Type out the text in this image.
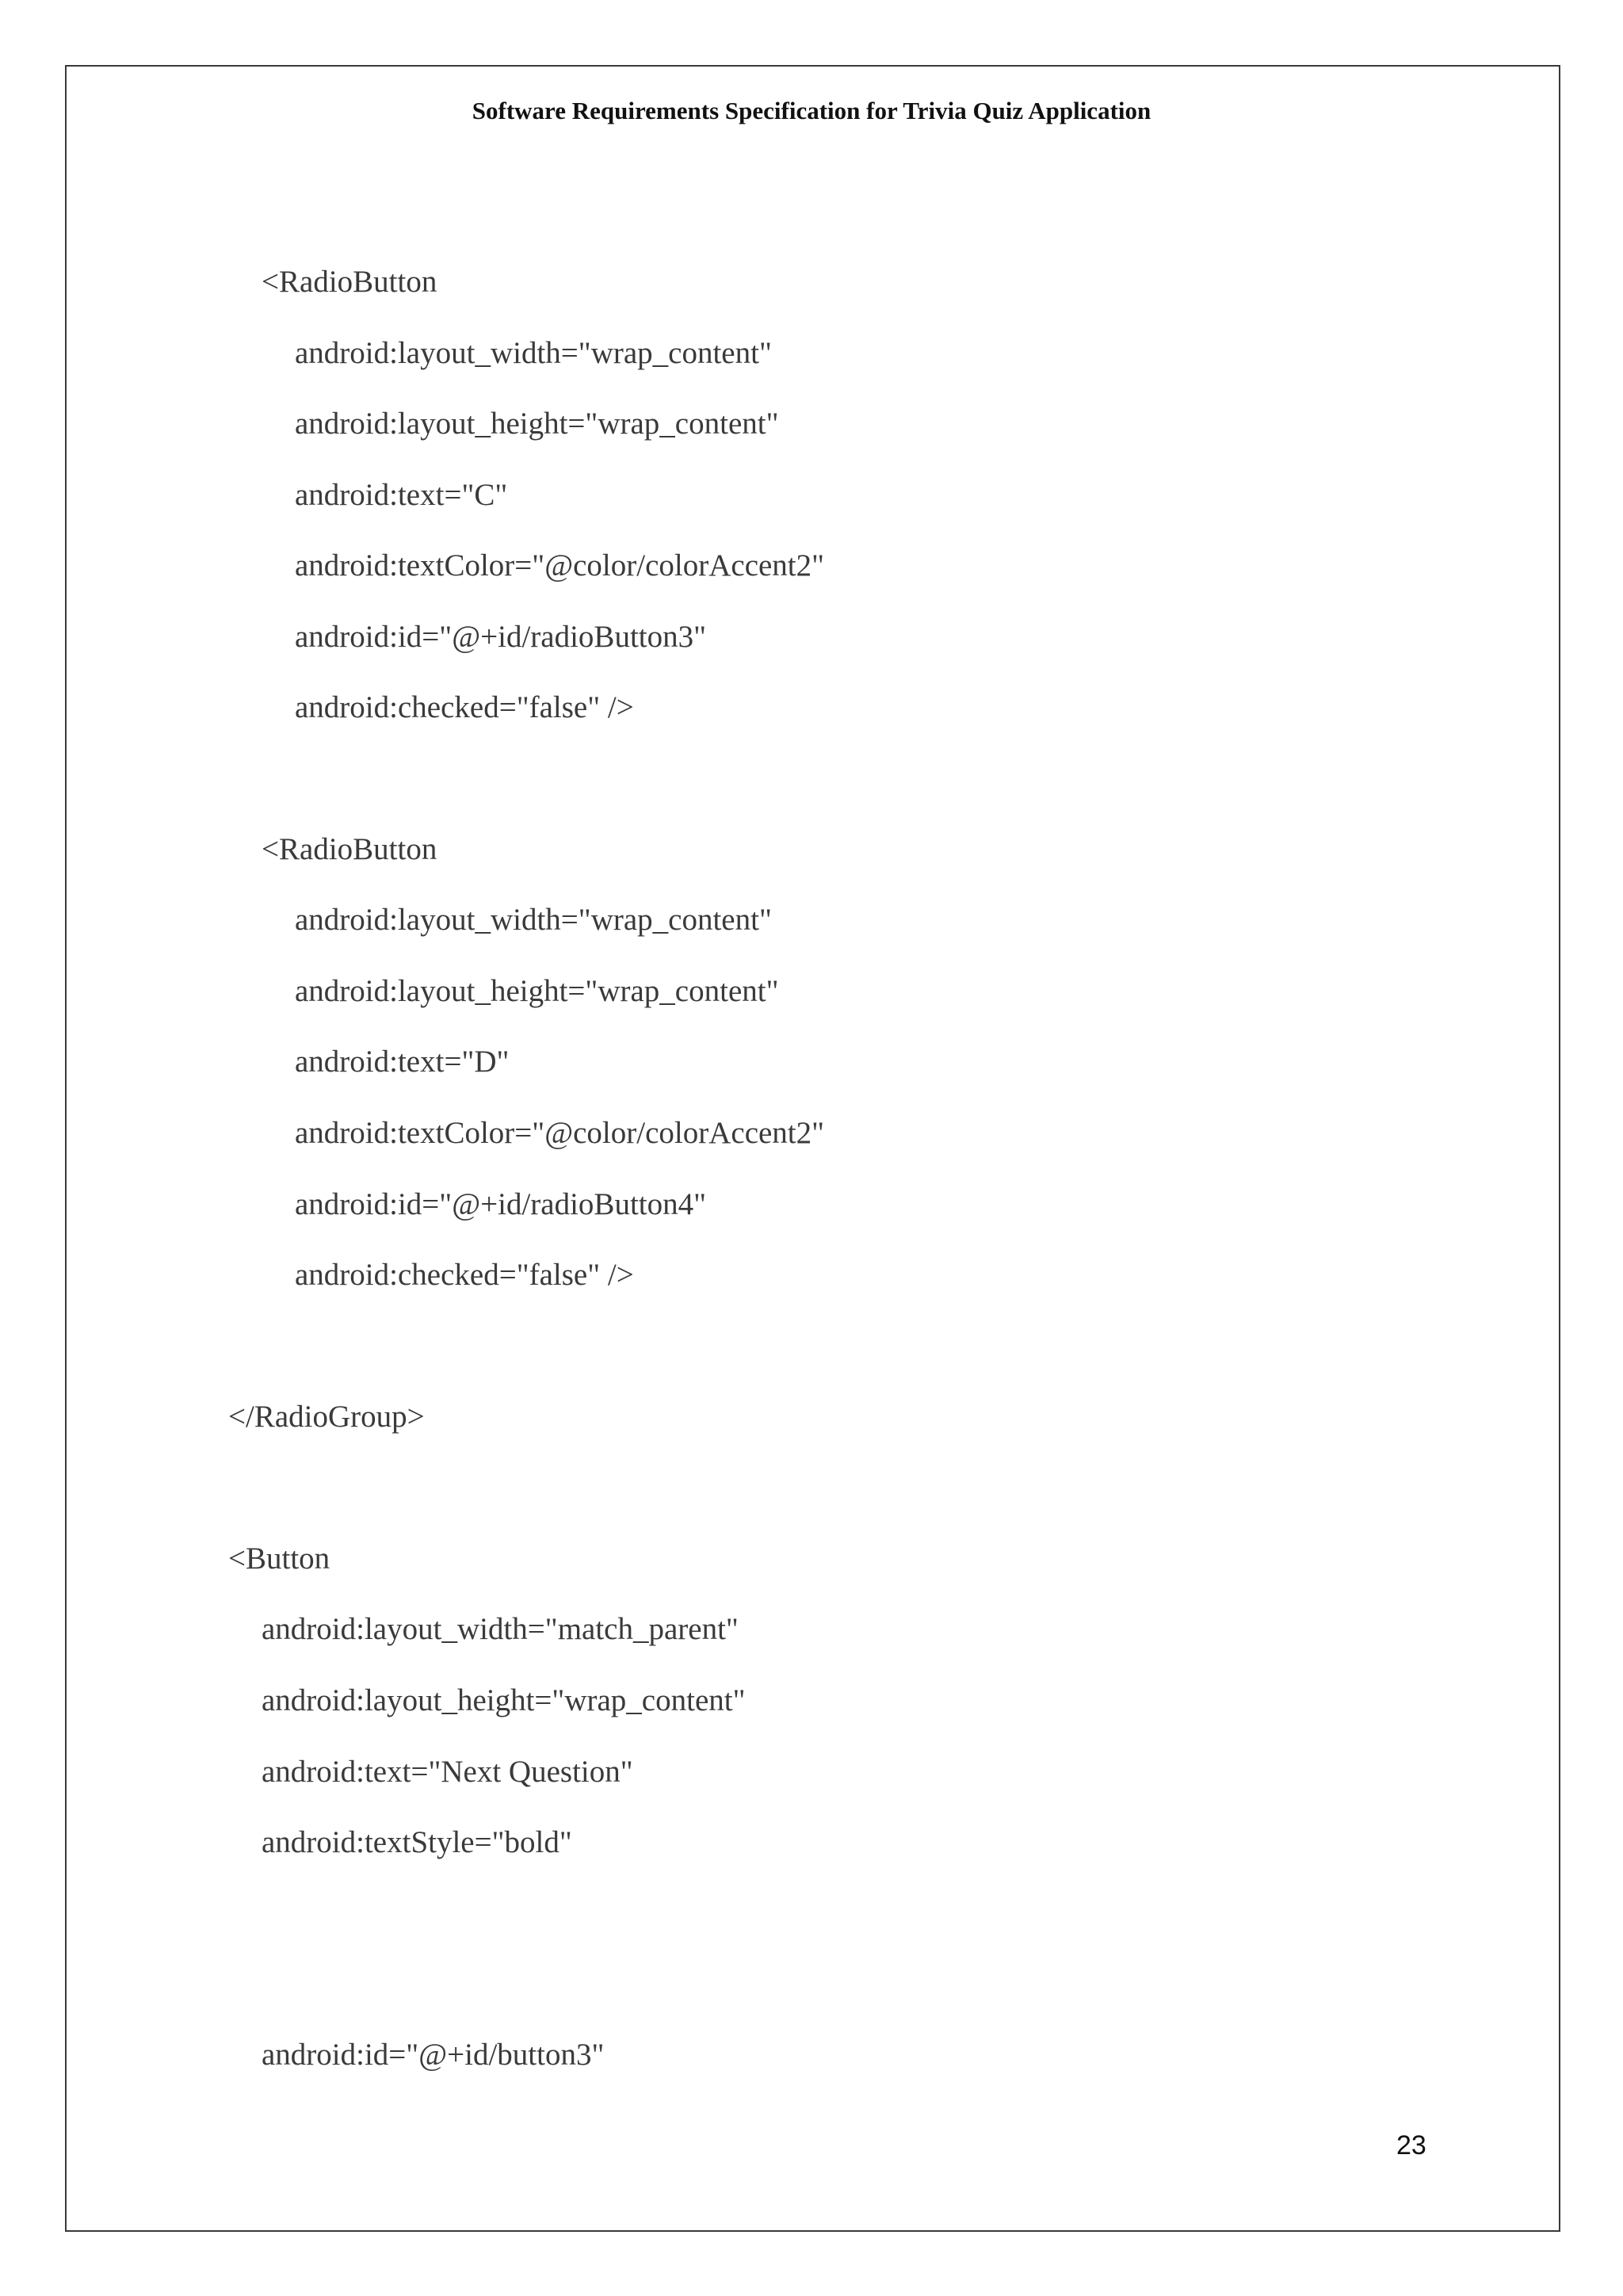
Software Requirements Specification for Trivia Quiz Application
<RadioButton
android:layout_width="wrap_content"
android:layout_height="wrap_content"
android:text="C"
android:textColor="@color/colorAccent2"
android:id="@+id/radioButton3"
android:checked="false" />
<RadioButton
android:layout_width="wrap_content"
android:layout_height="wrap_content"
android:text="D"
android:textColor="@color/colorAccent2"
android:id="@+id/radioButton4"
android:checked="false" />
</RadioGroup>
<Button
android:layout_width="match_parent"
android:layout_height="wrap_content"
android:text="Next Question"
android:textStyle="bold"
android:id="@+id/button3"
23
